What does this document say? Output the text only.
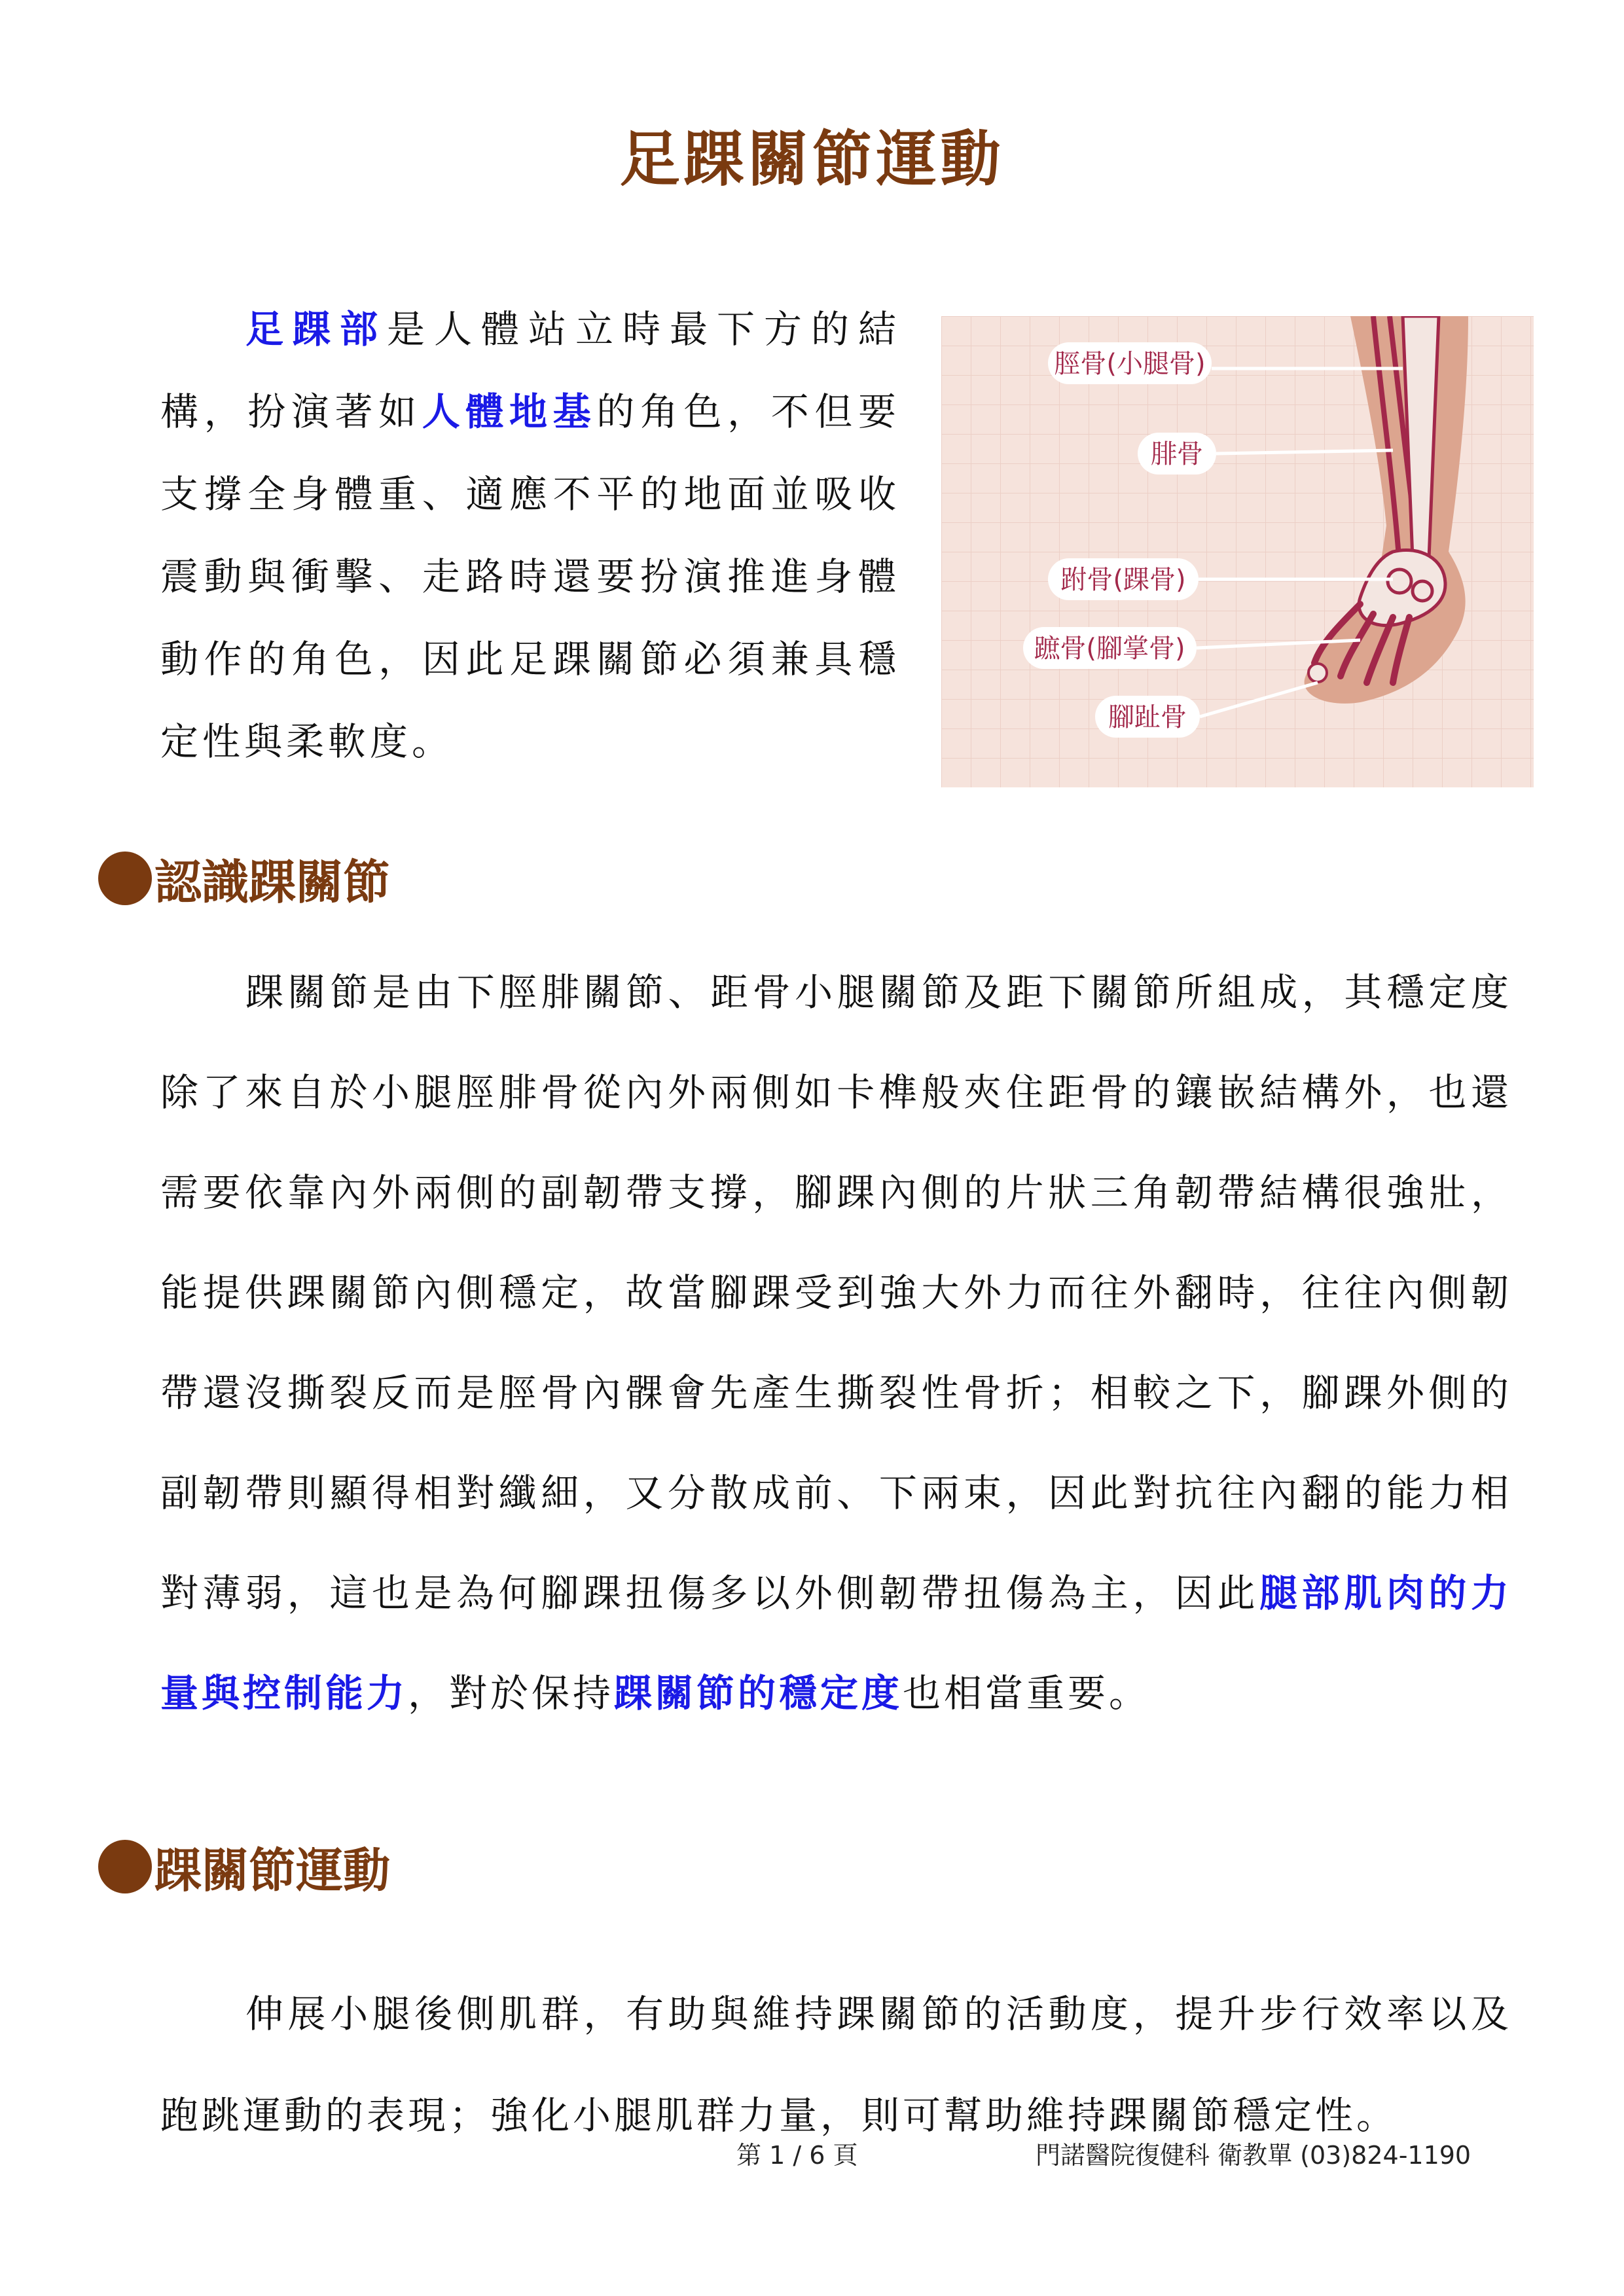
足踝關節運動

足踝部是人體站立時最下方的結構，扮演著如人體地基的角色，不但要支撐全身體重、適應不平的地面並吸收震動與衝擊、走路時還要扮演推進身體動作的角色，因此足踝關節必須兼具穩定性與柔軟度。

脛骨(小腿骨)
腓骨
跗骨(踝骨)
蹠骨(腳掌骨)
腳趾骨
認識踝關節

踝關節是由下脛腓關節、距骨小腿關節及距下關節所組成，其穩定度除了來自於小腿脛腓骨從內外兩側如卡榫般夾住距骨的鑲嵌結構外，也還需要依靠內外兩側的副韌帶支撐，腳踝內側的片狀三角韌帶結構很強壯，能提供踝關節內側穩定，故當腳踝受到強大外力而往外翻時，往往內側韌帶還沒撕裂反而是脛骨內髁會先產生撕裂性骨折；相較之下，腳踝外側的副韌帶則顯得相對纖細，又分散成前、下兩束，因此對抗往內翻的能力相對薄弱，這也是為何腳踝扭傷多以外側韌帶扭傷為主，因此腿部肌肉的力量與控制能力，對於保持踝關節的穩定度也相當重要。

踝關節運動

伸展小腿後側肌群，有助與維持踝關節的活動度，提升步行效率以及跑跳運動的表現；強化小腿肌群力量，則可幫助維持踝關節穩定性。

第 1 / 6 頁	門諾醫院復健科 衛教單 (03)824-1190
